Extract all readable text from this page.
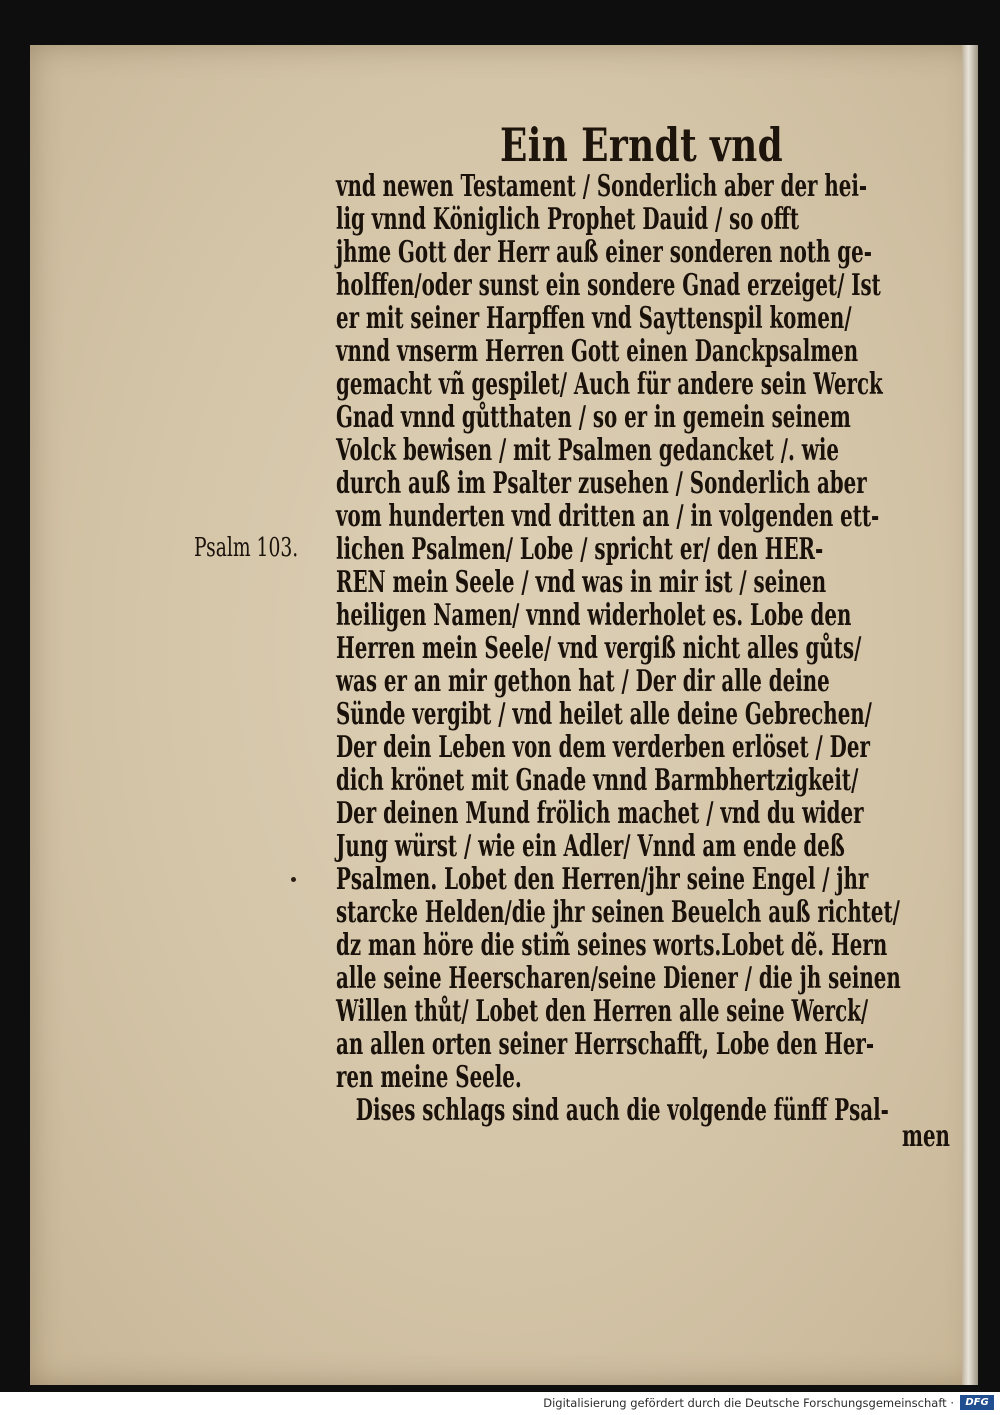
Ein Erndt vnd
Psalm 103.
vnd newen Testament / Sonderlich aber der hei-
lig vnnd Königlich Prophet Dauid / so offt
jhme Gott der Herr auß einer sonderen noth ge-
holffen/oder sunst ein sondere Gnad erzeiget/ Ist
er mit seiner Harpffen vnd Sayttenspil komen/
vnnd vnserm Herren Gott einen Danckpsalmen
gemacht vñ gespilet/ Auch für andere sein Werck
Gnad vnnd gůtthaten / so er in gemein seinem
Volck bewisen / mit Psalmen gedancket /. wie
durch auß im Psalter zusehen / Sonderlich aber
vom hunderten vnd dritten an / in volgenden ett-
lichen Psalmen/ Lobe / spricht er/ den HER-
REN mein Seele / vnd was in mir ist / seinen
heiligen Namen/ vnnd widerholet es. Lobe den
Herren mein Seele/ vnd vergiß nicht alles gůts/
was er an mir gethon hat / Der dir alle deine
Sünde vergibt / vnd heilet alle deine Gebrechen/
Der dein Leben von dem verderben erlöset / Der
dich krönet mit Gnade vnnd Barmbhertzigkeit/
Der deinen Mund frölich machet / vnd du wider
Jung würst / wie ein Adler/ Vnnd am ende deß
Psalmen. Lobet den Herren/jhr seine Engel / jhr
starcke Helden/die jhr seinen Beuelch auß richtet/
dz man höre die stim̃ seines worts.Lobet dẽ. Hern
alle seine Heerscharen/seine Diener / die jh seinen
Willen thůt/ Lobet den Herren alle seine Werck/
an allen orten seiner Herrschafft, Lobe den Her-
ren meine Seele.
Dises schlags sind auch die volgende fünff Psal-
men
Digitalisierung gefördert durch die Deutsche Forschungsgemeinschaft ·	DFG
